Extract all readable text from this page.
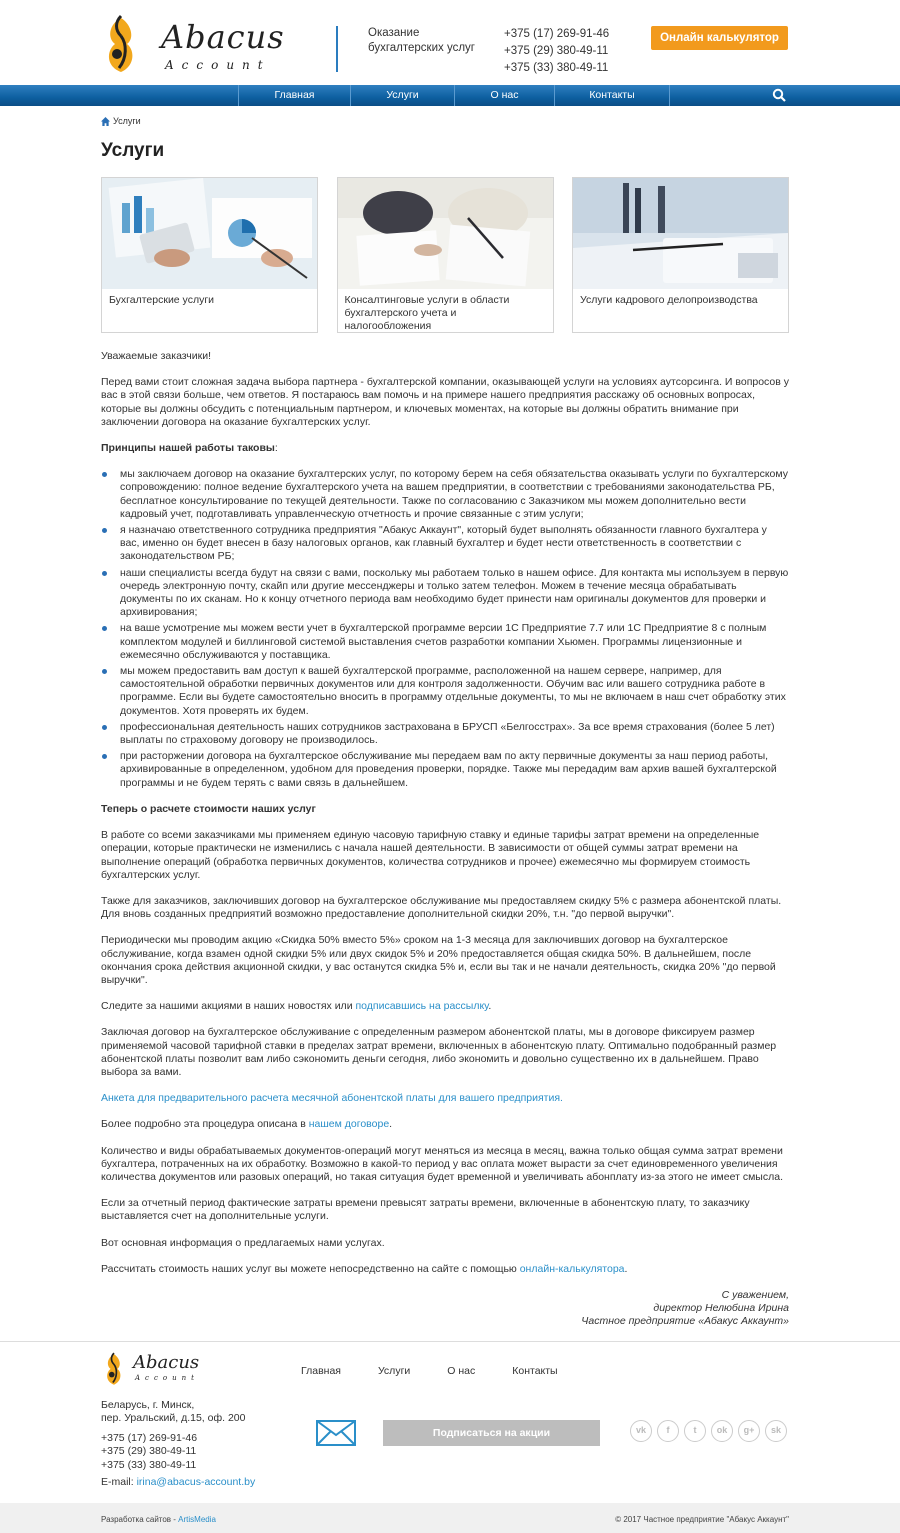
Abacus
Account
Оказание бухгалтерских услуг
+375 (17) 269-91-46
+375 (29) 380-49-11
+375 (33) 380-49-11
Онлайн калькулятор
Главная	Услуги	О нас	Контакты
Услуги
Услуги
Бухгалтерские услуги	Консалтинговые услуги в области бухгалтерского учета и налогообложения
Услуги кадрового делопроизводства

Уважаемые заказчики!

Перед вами стоит сложная задача выбора партнера - бухгалтерской компании, оказывающей услуги на условиях аутсорсинга. И вопросов у вас в этой связи больше, чем ответов. Я постараюсь вам помочь и на примере нашего предприятия расскажу об основных вопросах, которые вы должны обсудить с потенциальным партнером, и ключевых моментах, на которые вы должны обратить внимание при заключении договора на оказание бухгалтерских услуг.

Принципы нашей работы таковы:
мы заключаем договор на оказание бухгалтерских услуг, по которому берем на себя обязательства оказывать услуги по бухгалтерскому сопровождению: полное ведение бухгалтерского учета на вашем предприятии, в соответствии с требованиями законодательства РБ, бесплатное консультирование по текущей деятельности. Также по согласованию с Заказчиком мы можем дополнительно вести кадровый учет, подготавливать управленческую отчетность и прочие связанные с этим услуги;
я назначаю ответственного сотрудника предприятия "Абакус Аккаунт", который будет выполнять обязанности главного бухгалтера у вас, именно он будет внесен в базу налоговых органов, как главный бухгалтер и будет нести ответственность в соответствии с законодательством РБ;
наши специалисты всегда будут на связи с вами, поскольку мы работаем только в нашем офисе. Для контакта мы используем в первую очередь электронную почту, скайп или другие мессенджеры и только затем телефон. Можем в течение месяца обрабатывать документы по их сканам. Но к концу отчетного периода вам необходимо будет принести нам оригиналы документов для проверки и архивирования;
на ваше усмотрение мы можем вести учет в бухгалтерской программе версии 1С Предприятие 7.7 или 1С Предприятие 8 с полным комплектом модулей и биллинговой системой выставления счетов разработки компании Хьюмен. Программы лицензионные и ежемесячно обслуживаются у поставщика.
мы можем предоставить вам доступ к вашей бухгалтерской программе, расположенной на нашем сервере, например, для самостоятельной обработки первичных документов или для контроля задолженности. Обучим вас или вашего сотрудника работе в программе. Если вы будете самостоятельно вносить в программу отдельные документы, то мы не включаем в наш счет обработку этих документов. Хотя проверять их будем.
профессиональная деятельность наших сотрудников застрахована в БРУСП «Белгосстрах». За все время страхования (более 5 лет) выплаты по страховому договору не производилось.
при расторжении договора на бухгалтерское обслуживание мы передаем вам по акту первичные документы за наш период работы, архивированные в определенном, удобном для проведения проверки, порядке. Также мы передадим вам архив вашей бухгалтерской программы и не будем терять с вами связь в дальнейшем.
Теперь о расчете стоимости наших услуг

В работе со всеми заказчиками мы применяем единую часовую тарифную ставку и единые тарифы затрат времени на определенные операции, которые практически не изменились с начала нашей деятельности. В зависимости от общей суммы затрат времени на выполнение операций (обработка первичных документов, количества сотрудников и прочее) ежемесячно мы формируем стоимость бухгалтерских услуг.

Также для заказчиков, заключивших договор на бухгалтерское обслуживание мы предоставляем скидку 5% с размера абонентской платы. Для вновь созданных предприятий возможно предоставление дополнительной скидки 20%, т.н. "до первой выручки".

Периодически мы проводим акцию «Скидка 50% вместо 5%» сроком на 1-3 месяца для заключивших договор на бухгалтерское обслуживание, когда взамен одной скидки 5% или двух скидок 5% и 20% предоставляется общая скидка 50%. В дальнейшем, после окончания срока действия акционной скидки, у вас останутся скидка 5% и, если вы так и не начали деятельность, скидка 20% "до первой выручки".

Следите за нашими акциями в наших новостях или подписавшись на рассылку.

Заключая договор на бухгалтерское обслуживание с определенным размером абонентской платы, мы в договоре фиксируем размер применяемой часовой тарифной ставки в пределах затрат времени, включенных в абонентскую плату. Оптимально подобранный размер абонентской платы позволит вам либо сэкономить деньги сегодня, либо экономить и довольно существенно их в дальнейшем. Право выбора за вами.

Анкета для предварительного расчета месячной абонентской платы для вашего предприятия.

Более подробно эта процедура описана в нашем договоре.

Количество и виды обрабатываемых документов-операций могут меняться из месяца в месяц, важна только общая сумма затрат времени бухгалтера, потраченных на их обработку. Возможно в какой-то период у вас оплата может вырасти за счет единовременного увеличения количества документов или разовых операций, но такая ситуация будет временной и увеличивать абонплату из-за этого не имеет смысла.

Если за отчетный период фактические затраты времени превысят затраты времени, включенные в абонентскую плату, то заказчику выставляется счет на дополнительные услуги.

Вот основная информация о предлагаемых нами услугах.

Рассчитать стоимость наших услуг вы можете непосредственно на сайте с помощью онлайн-калькулятора.

С уважением,
директор Нелюбина Ирина
Частное предприятие «Абакус Аккаунт»
Abacus
Account
Главная	Услуги	О нас	Контакты
Беларусь, г. Минск,
пер. Уральский, д.15, оф. 200
+375 (17) 269-91-46
+375 (29) 380-49-11
+375 (33) 380-49-11
E-mail: irina@abacus-account.by
Подписаться на акции	vk	f	t	ok	g+	sk
Разработка сайтов - ArtisMedia	© 2017 Частное предприятие "Абакус Аккаунт"
